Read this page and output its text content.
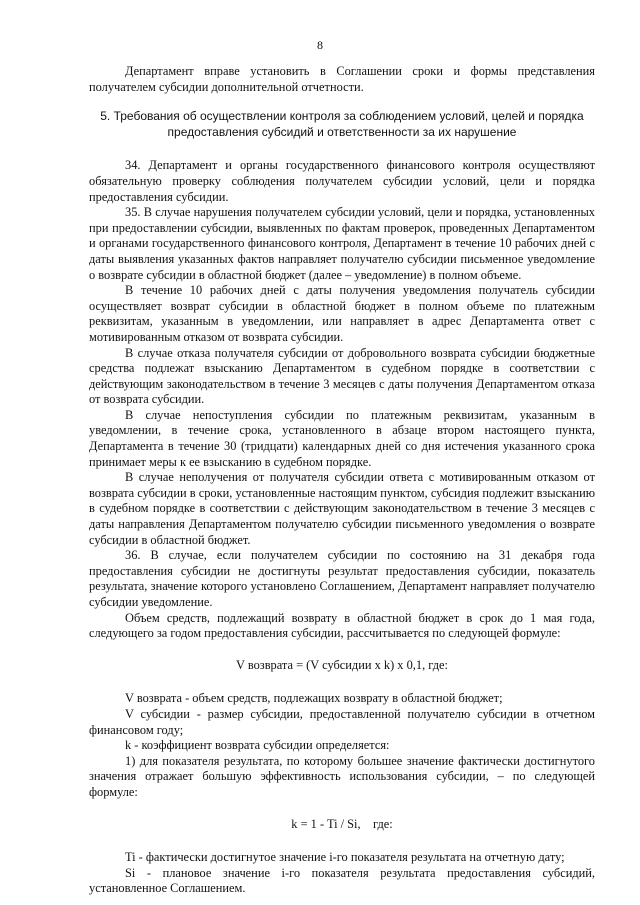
8

Департамент вправе установить в Соглашении сроки и формы представления получателем субсидии дополнительной отчетности.

5. Требования об осуществлении контроля за соблюдением условий, целей и порядка
предоставления субсидий и ответственности за их нарушение

34. Департамент и органы государственного финансового контроля осуществляют обязательную проверку соблюдения получателем субсидии условий, цели и порядка предоставления субсидии.

35. В случае нарушения получателем субсидии условий, цели и порядка, установленных при предоставлении субсидии, выявленных по фактам проверок, проведенных Департаментом и органами государственного финансового контроля, Департамент в течение 10 рабочих дней с даты выявления указанных фактов направляет получателю субсидии письменное уведомление о возврате субсидии в областной бюджет (далее – уведомление) в полном объеме.

В течение 10 рабочих дней с даты получения уведомления получатель субсидии осуществляет возврат субсидии в областной бюджет в полном объеме по платежным реквизитам, указанным в уведомлении, или направляет в адрес Департамента ответ с мотивированным отказом от возврата субсидии.

В случае отказа получателя субсидии от добровольного возврата субсидии бюджетные средства подлежат взысканию Департаментом в судебном порядке в соответствии с действующим законодательством в течение 3 месяцев с даты получения Департаментом отказа от возврата субсидии.

В случае непоступления субсидии по платежным реквизитам, указанным в уведомлении, в течение срока, установленного в абзаце втором настоящего пункта, Департамента в течение 30 (тридцати) календарных дней со дня истечения указанного срока принимает меры к ее взысканию в судебном порядке.

В случае неполучения от получателя субсидии ответа с мотивированным отказом от возврата субсидии в сроки, установленные настоящим пунктом, субсидия подлежит взысканию в судебном порядке в соответствии с действующим законодательством в течение 3 месяцев с даты направления Департаментом получателю субсидии письменного уведомления о возврате субсидии в областной бюджет.

36. В случае, если получателем субсидии по состоянию на 31 декабря года предоставления субсидии не достигнуты результат предоставления субсидии, показатель результата, значение которого установлено Соглашением, Департамент направляет получателю субсидии уведомление.

Объем средств, подлежащий возврату в областной бюджет в срок до 1 мая года, следующего за годом предоставления субсидии, рассчитывается по следующей формуле:

V возврата = (V субсидии x k) x 0,1, где:

V возврата - объем средств, подлежащих возврату в областной бюджет;

V субсидии - размер субсидии, предоставленной получателю субсидии в отчетном финансовом году;

k - коэффициент возврата субсидии определяется:

1) для показателя результата, по которому большее значение фактически достигнутого значения отражает большую эффективность использования субсидии, – по следующей формуле:

k = 1 - Ti / Si,    где:

Ti - фактически достигнутое значение i-го показателя результата на отчетную дату;

Si - плановое значение i-го показателя результата предоставления субсидий, установленное Соглашением.
